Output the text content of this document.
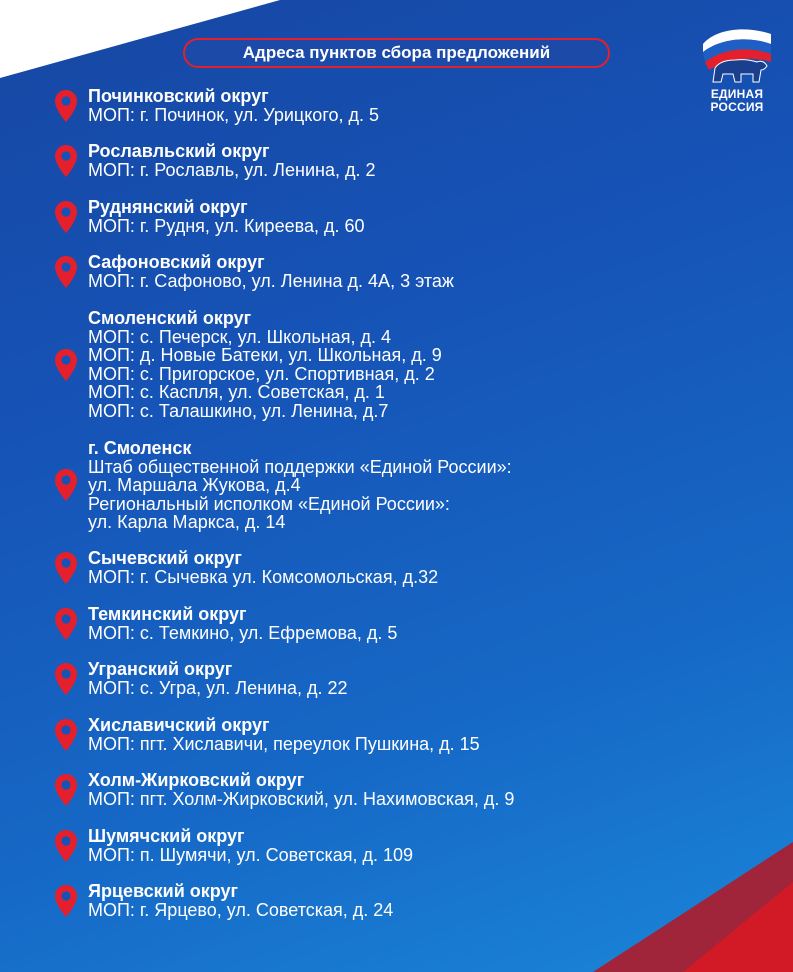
Адреса пунктов сбора предложений
ЕДИНАЯ
РОССИЯ
Починковский округ
МОП: г. Починок, ул. Урицкого, д. 5
Рославльский округ
МОП: г. Рославль, ул. Ленина, д. 2
Руднянский округ
МОП: г. Рудня, ул. Киреева, д. 60
Сафоновский округ
МОП: г. Сафоново, ул. Ленина д. 4А, 3 этаж
Смоленский округ
МОП: с. Печерск, ул. Школьная, д. 4
МОП: д. Новые Батеки, ул. Школьная, д. 9
МОП: с. Пригорское, ул. Спортивная, д. 2
МОП: с. Каспля, ул. Советская, д. 1
МОП: с. Талашкино, ул. Ленина, д.7
г. Смоленск
Штаб общественной поддержки «Единой России»:
ул. Маршала Жукова, д.4
Региональный исполком «Единой России»:
ул. Карла Маркса, д. 14
Сычевский округ
МОП: г. Сычевка ул. Комсомольская, д.32
Темкинский округ
МОП: с. Темкино, ул. Ефремова, д. 5
Угранский округ
МОП: с. Угра, ул. Ленина, д. 22
Хиславичский округ
МОП: пгт. Хиславичи, переулок Пушкина, д. 15
Холм-Жирковский округ
МОП: пгт. Холм-Жирковский, ул. Нахимовская, д. 9
Шумячский округ
МОП: п. Шумячи, ул. Советская, д. 109
Ярцевский округ
МОП: г. Ярцево, ул. Советская, д. 24
